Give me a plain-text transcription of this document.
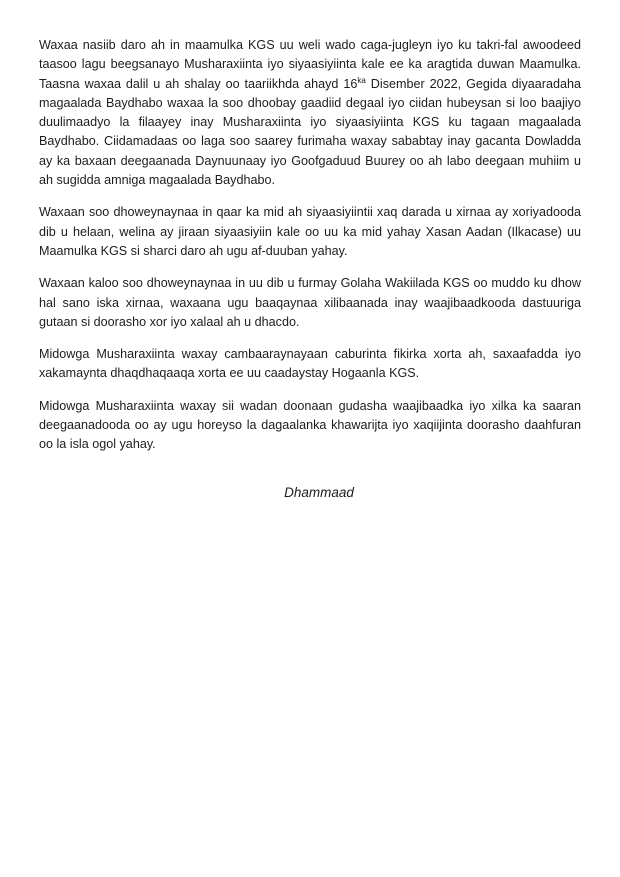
Waxaa nasiib daro ah in maamulka KGS uu weli wado caga-jugleyn iyo ku takri-fal awoodeed taasoo lagu beegsanayo Musharaxiinta iyo siyaasiyiinta kale ee ka aragtida duwan Maamulka. Taasna waxaa dalil u ah shalay oo taariikhda ahayd $16^{ka}$ Disember 2022, Gegida diyaaradaha magaalada Baydhabo waxaa la soo dhoobay gaadiid degaal iyo ciidan hubeysan si loo baajiyo duulimaadyo la filaayey inay Musharaxiinta iyo siyaasiyiinta KGS ku tagaan magaalada Baydhabo. Ciidamadaas oo laga soo saarey furimaha waxay sababtay inay gacanta Dowladda ay ka baxaan deegaanada Daynuunaay iyo Goofgaduud Buurey oo ah labo deegaan muhiim u ah sugidda amniga magaalada Baydhabo.

Waxaan soo dhoweynaynaa in qaar ka mid ah siyaasiyiintii xaq darada u xirnaa ay xoriyadooda dib u helaan, welina ay jiraan siyaasiyiin kale oo uu ka mid yahay Xasan Aadan (Ilkacase) uu Maamulka KGS si sharci daro ah ugu af-duuban yahay.

Waxaan kaloo soo dhoweynaynaa in uu dib u furmay Golaha Wakiilada KGS oo muddo ku dhow hal sano iska xirnaa, waxaana ugu baaqaynaa xilibaanada inay waajibaadkooda dastuuriga gutaan si doorasho xor iyo xalaal ah u dhacdo.

Midowga Musharaxiinta waxay cambaaraynayaan caburinta fikirka xorta ah, saxaafadda iyo xakamaynta dhaqdhaqaaqa xorta ee uu caadaystay Hogaanla KGS.

Midowga Musharaxiinta waxay sii wadan doonaan gudasha waajibaadka iyo xilka ka saaran deegaanadooda oo ay ugu horeyso la dagaalanka khawarijta iyo xaqiijinta doorasho daahfuran oo la isla ogol yahay.

Dhammaad
